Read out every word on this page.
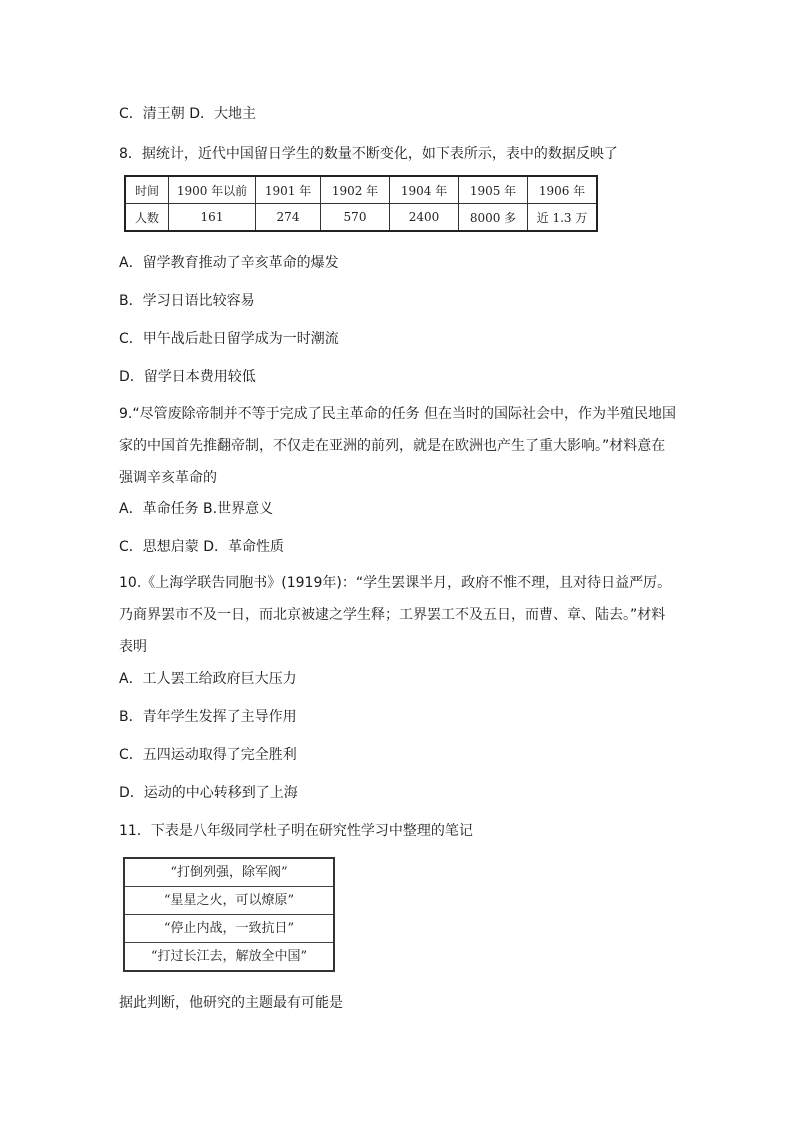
C．清王朝 D．大地主
8．据统计，近代中国留日学生的数量不断变化，如下表所示，表中的数据反映了
时间	1900 年以前	1901 年	1902 年	1904 年	1905 年	1906 年
人数	161	274	570	2400	8000 多	近 1.3 万
A．留学教育推动了辛亥革命的爆发
B．学习日语比较容易
C．甲午战后赴日留学成为一时潮流
D．留学日本费用较低
9.“尽管废除帝制并不等于完成了民主革命的任务 但在当时的国际社会中，作为半殖民地国家的中国首先推翻帝制，不仅走在亚洲的前列，就是在欧洲也产生了重大影响。”材料意在强调辛亥革命的
A．革命任务 B.世界意义
C．思想启蒙 D．革命性质
10.《上海学联告同胞书》(1919年)：“学生罢课半月，政府不惟不理，且对待日益严厉。乃商界罢市不及一日，而北京被逮之学生释；工界罢工不及五日，而曹、章、陆去。”材料表明
A．工人罢工给政府巨大压力
B．青年学生发挥了主导作用
C．五四运动取得了完全胜利
D．运动的中心转移到了上海
11．下表是八年级同学杜子明在研究性学习中整理的笔记
“打倒列强，除军阀”
“星星之火，可以燎原”
“停止内战，一致抗日”
“打过长江去，解放全中国”
据此判断，他研究的主题最有可能是
